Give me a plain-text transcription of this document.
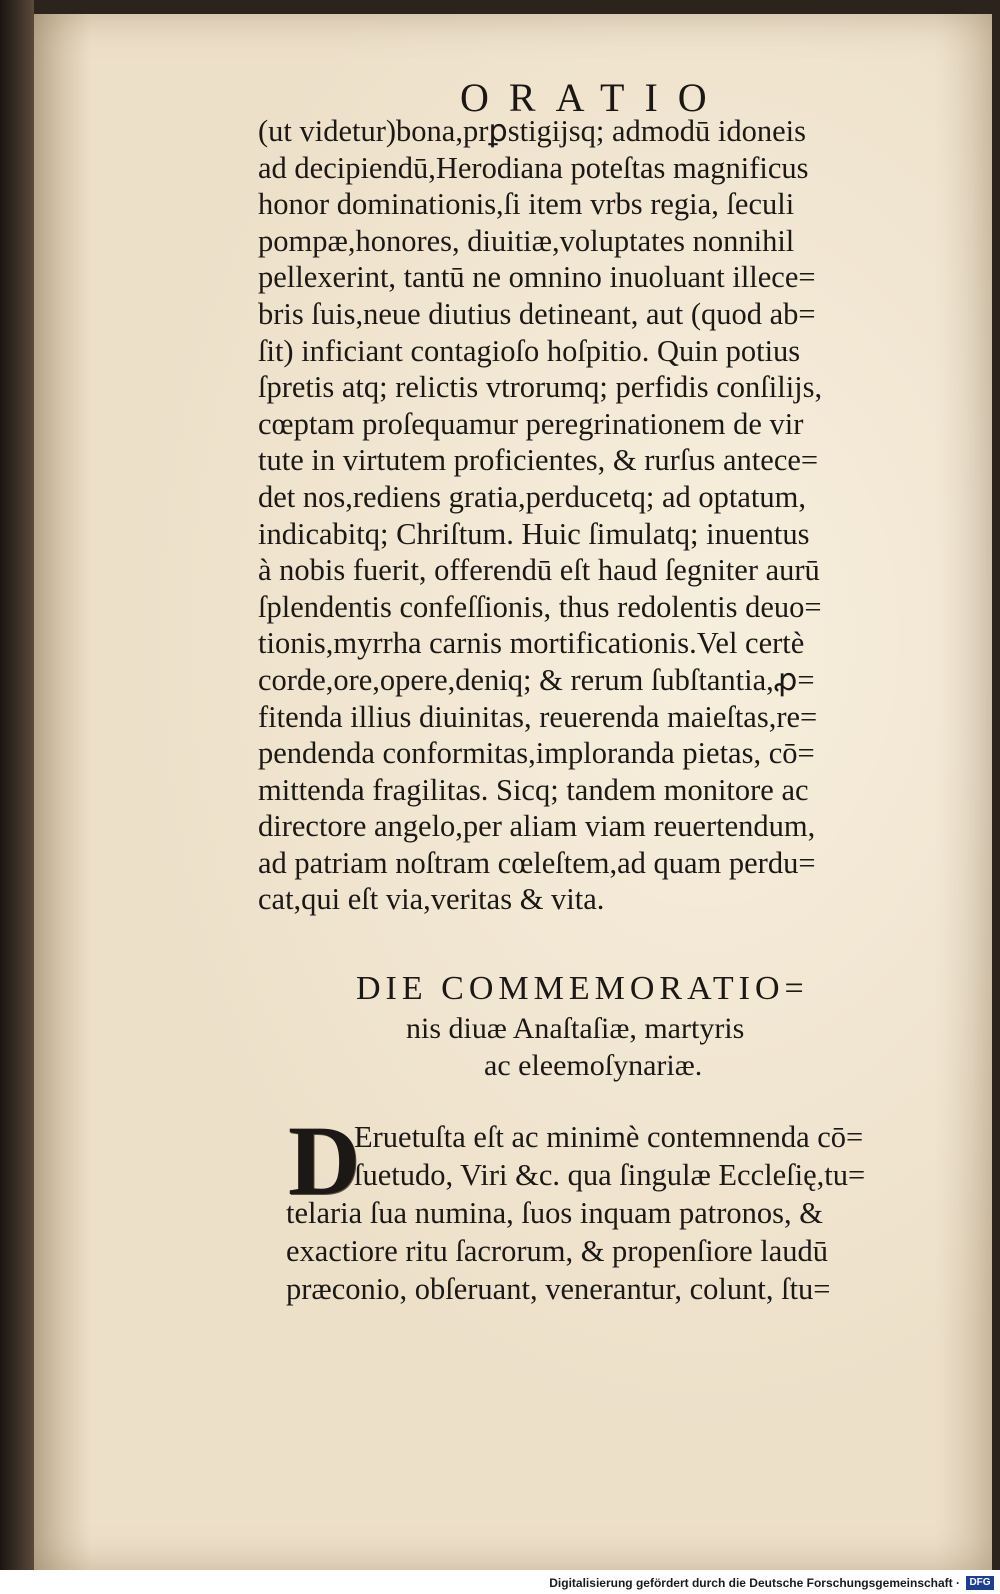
ORATIO
(ut videtur)bona,prꝑstigijsq; admodū idoneis
ad decipiendū,Herodiana poteſtas magnificus
honor dominationis,ſi item vrbs regia, ſeculi
pompæ,honores, diuitiæ,voluptates nonnihil
pellexerint, tantū ne omnino inuoluant illece=
bris ſuis,neue diutius detineant, aut (quod ab=
ſit) inficiant contagioſo hoſpitio. Quin potius
ſpretis atq; relictis vtrorumq; perfidis conſilijs,
cœptam proſequamur peregrinationem de vir
tute in virtutem proficientes, & rurſus antece=
det nos,rediens gratia,perducetq; ad optatum,
indicabitq; Chriſtum. Huic ſimulatq; inuentus
à nobis fuerit, offerendū eſt haud ſegniter aurū
ſplendentis confeſſionis, thus redolentis deuo=
tionis,myrrha carnis mortificationis.Vel certè
corde,ore,opere,deniq; & rerum ſubſtantia,ꝓ=
fitenda illius diuinitas, reuerenda maieſtas,re=
pendenda conformitas,imploranda pietas, cō=
mittenda fragilitas. Sicq; tandem monitore ac
directore angelo,per aliam viam reuertendum,
ad patriam noſtram cœleſtem,ad quam perdu=
cat,qui eſt via,veritas & vita.
DIE COMMEMORATIO=
nis diuæ Anaſtaſiæ, martyris
ac eleemoſynariæ.
D
Eruetuſta eſt ac minimè contemnenda cō=
ſuetudo, Viri &c. qua ſingulæ Eccleſię,tu=
telaria ſua numina, ſuos inquam patronos, &
exactiore ritu ſacrorum, & propenſiore laudū
præconio, obſeruant, venerantur, colunt, ſtu=
Digitalisierung gefördert durch die Deutsche Forschungsgemeinschaft · DFG
